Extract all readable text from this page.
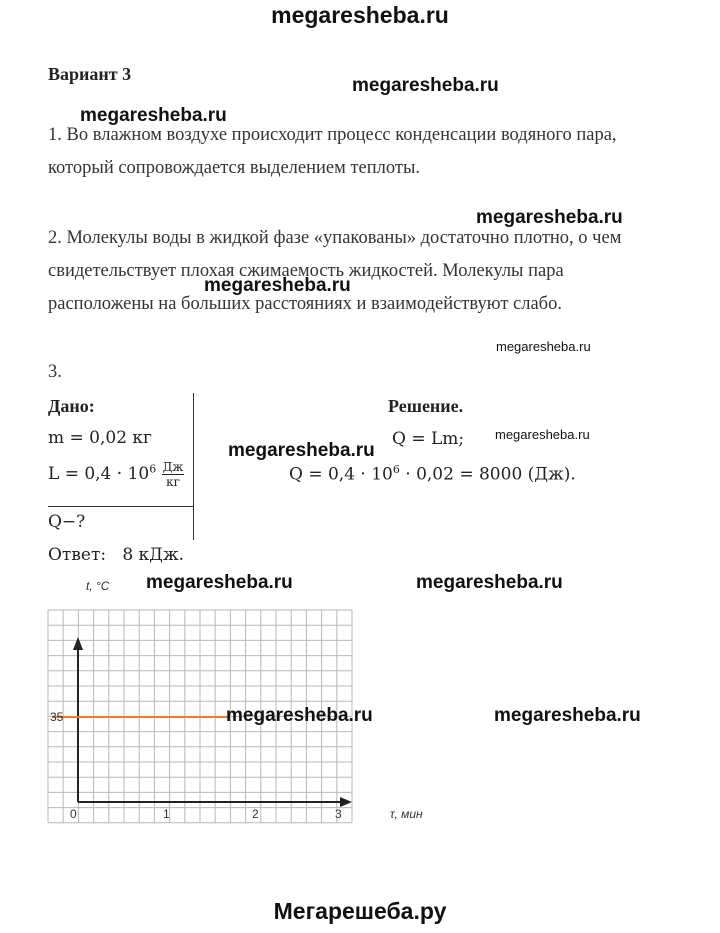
megaresheba.ru
Вариант 3
megaresheba.ru
megaresheba.ru
1. Во влажном воздухе происходит процесс конденсации водяного пара,
который сопровождается выделением теплоты.
megaresheba.ru
2. Молекулы воды в жидкой фазе «упакованы» достаточно плотно, о чем
свидетельствует плохая сжимаемость жидкостей. Молекулы пара
megaresheba.ru
расположены на больших расстояниях и взаимодействуют слабо.
megaresheba.ru
3.
Дано:	Решение.
m = 0,02 кг
$L = 0,4 \cdot 10^6 \frac{Дж}{кг}$
Q−?
megaresheba.ru
Q = Lm; megaresheba.ru
$Q = 0,4 \cdot 10^6 \cdot 0,02 = 8000$ (Дж).
Ответ: 8 кДж.
megaresheba.ru	megaresheba.ru
0	1	2	3
35
t, °C
τ, мин
megaresheba.ru	megaresheba.ru
Мегарешеба.ру
